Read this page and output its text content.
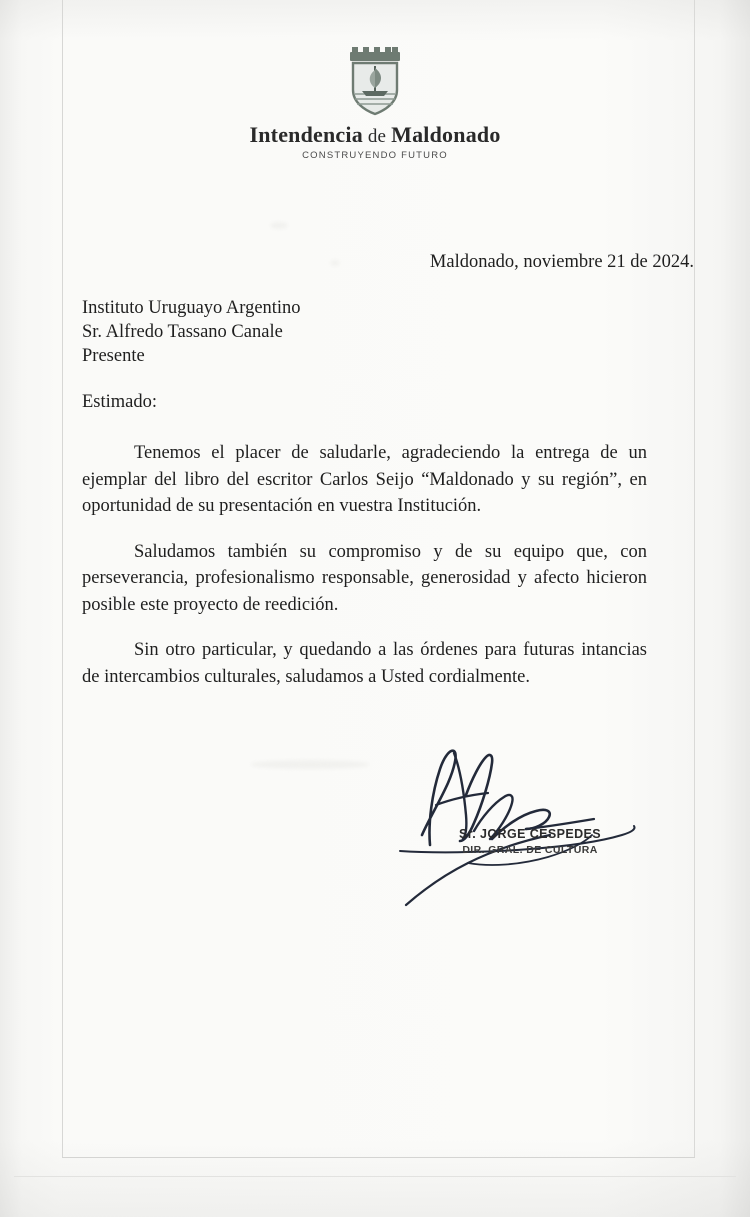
Intendencia de Maldonado
CONSTRUYENDO FUTURO
Maldonado, noviembre 21 de 2024.
Instituto Uruguayo Argentino
Sr. Alfredo Tassano Canale
Presente
Estimado:

Tenemos el placer de saludarle, agradeciendo la entrega de un ejemplar del libro del escritor Carlos Seijo “Maldonado y su región”, en oportunidad de su presentación en vuestra Institución.

Saludamos también su compromiso y de su equipo que, con perseverancia, profesionalismo responsable, generosidad y afecto hicieron posible este proyecto de reedición.

Sin otro particular, y quedando a las órdenes para futuras intancias de intercambios culturales, saludamos a Usted cordialmente.

Sr. JORGE CESPEDES
DIR. GRAL. DE CULTURA
